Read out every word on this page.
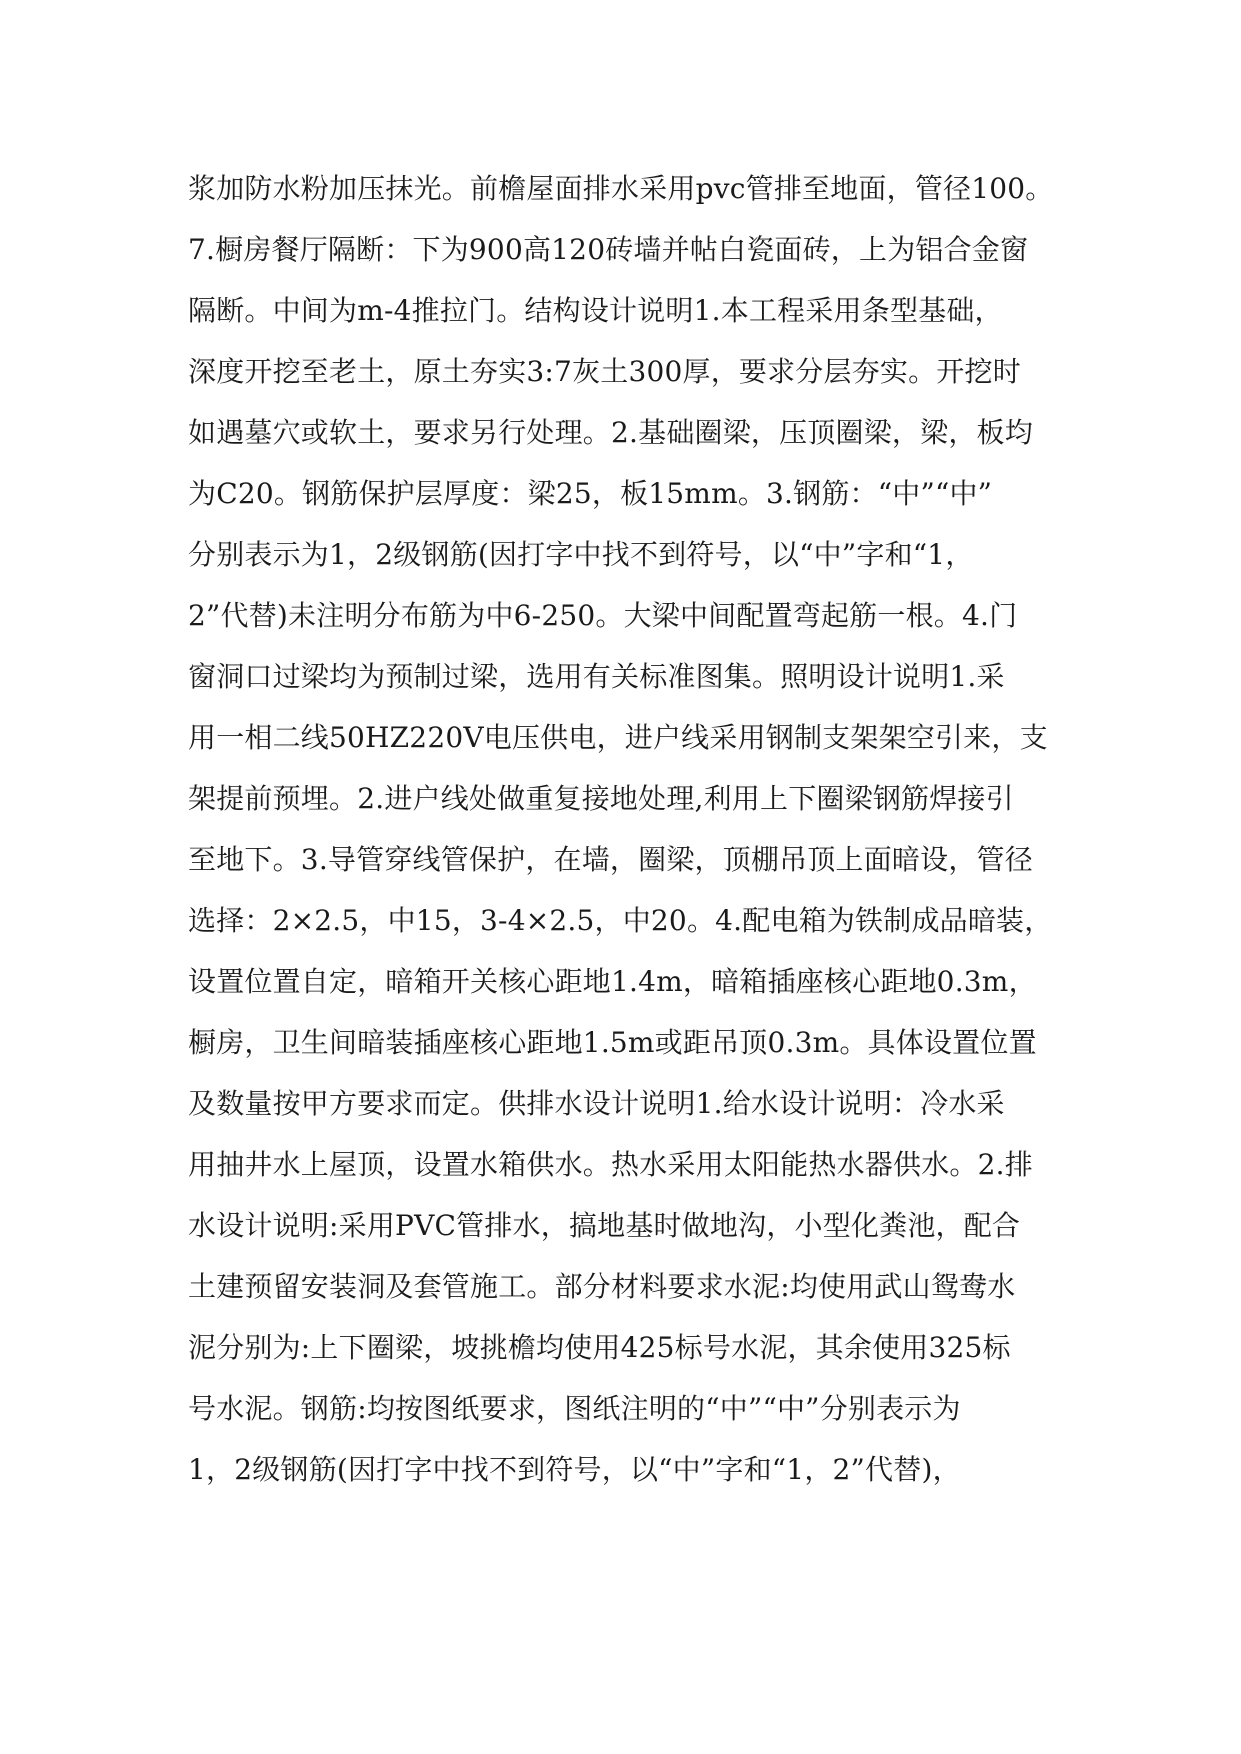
浆加防水粉加压抹光。前檐屋面排水采用pvc管排至地面，管径100。
7.橱房餐厅隔断：下为900高120砖墙并帖白瓷面砖，上为铝合金窗
隔断。中间为m-4推拉门。结构设计说明1.本工程采用条型基础，
深度开挖至老土，原土夯实3:7灰土300厚，要求分层夯实。开挖时
如遇墓穴或软土，要求另行处理。2.基础圈梁，压顶圈梁，梁，板均
为C20。钢筋保护层厚度：梁25，板15mm。3.钢筋：“中”“中”
分别表示为1，2级钢筋(因打字中找不到符号，以“中”字和“1，
2”代替)未注明分布筋为中6-250。大梁中间配置弯起筋一根。4.门
窗洞口过梁均为预制过梁，选用有关标准图集。照明设计说明1.采
用一相二线50HZ220V电压供电，进户线采用钢制支架架空引来，支
架提前预埋。2.进户线处做重复接地处理,利用上下圈梁钢筋焊接引
至地下。3.导管穿线管保护，在墙，圈梁，顶棚吊顶上面暗设，管径
选择：2×2.5，中15，3-4×2.5，中20。4.配电箱为铁制成品暗装，
设置位置自定，暗箱开关核心距地1.4m，暗箱插座核心距地0.3m，
橱房，卫生间暗装插座核心距地1.5m或距吊顶0.3m。具体设置位置
及数量按甲方要求而定。供排水设计说明1.给水设计说明：冷水采
用抽井水上屋顶，设置水箱供水。热水采用太阳能热水器供水。2.排
水设计说明:采用PVC管排水，搞地基时做地沟，小型化粪池，配合
土建预留安装洞及套管施工。部分材料要求水泥:均使用武山鸳鸯水
泥分别为:上下圈梁，坡挑檐均使用425标号水泥，其余使用325标
号水泥。钢筋:均按图纸要求，图纸注明的“中”“中”分别表示为
1，2级钢筋(因打字中找不到符号，以“中”字和“1，2”代替)，
